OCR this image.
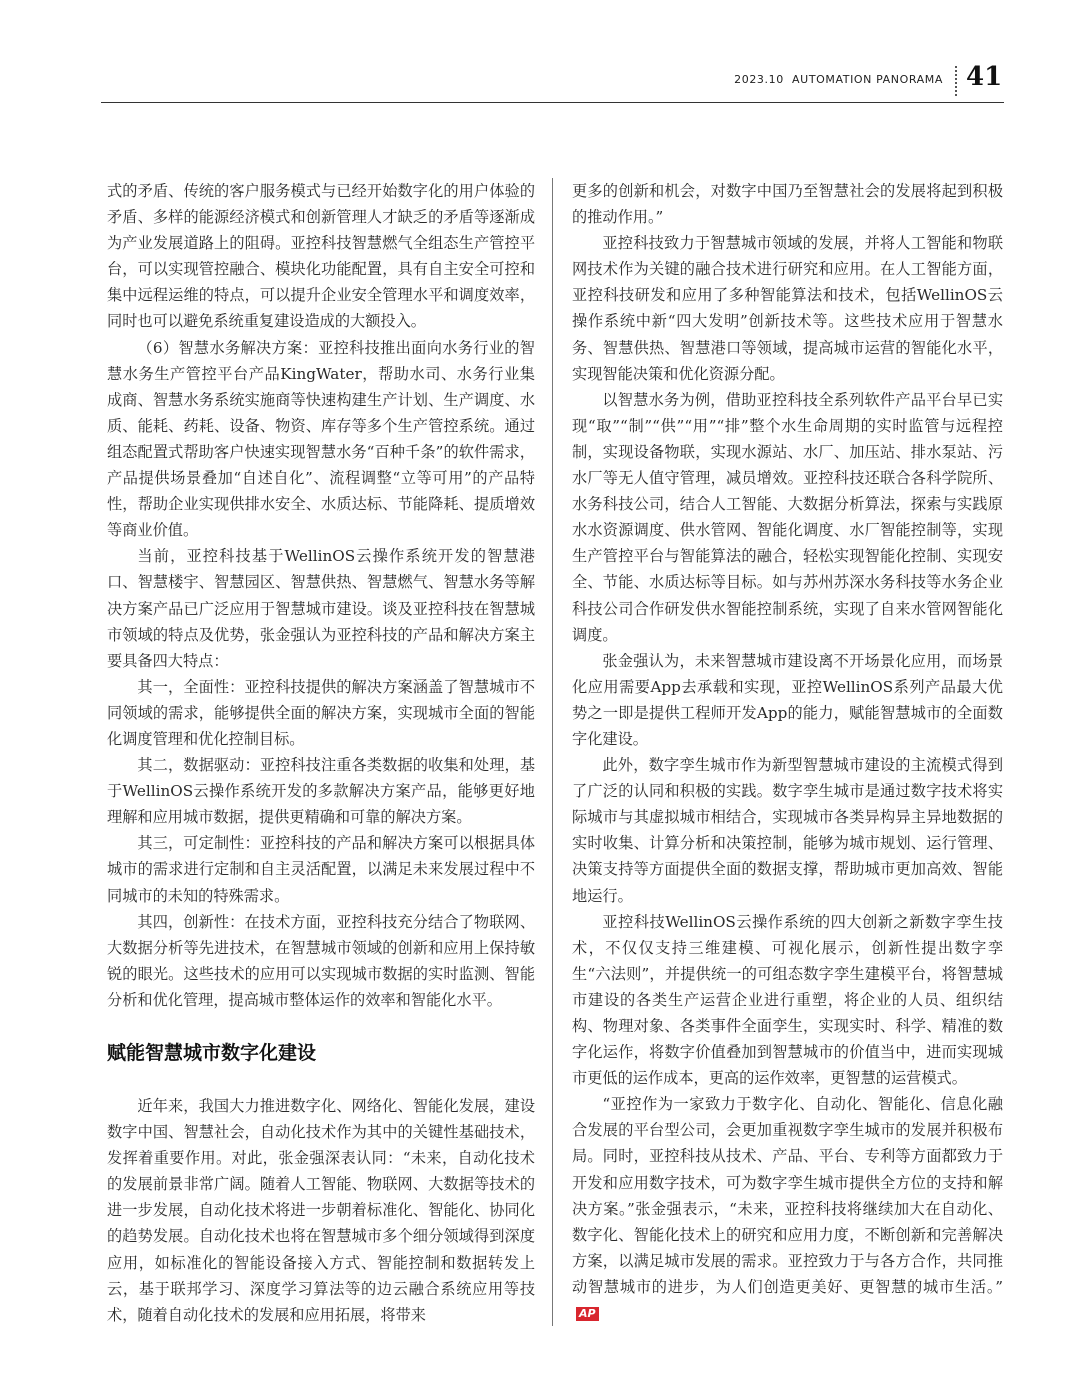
2023.10 AUTOMATION PANORAMA 41

式的矛盾、传统的客户服务模式与已经开始数字化的用户体验的矛盾、多样的能源经济模式和创新管理人才缺乏的矛盾等逐渐成为产业发展道路上的阻碍。亚控科技智慧燃气全组态生产管控平台，可以实现管控融合、模块化功能配置，具有自主安全可控和集中远程运维的特点，可以提升企业安全管理水平和调度效率，同时也可以避免系统重复建设造成的大额投入。

（6）智慧水务解决方案：亚控科技推出面向水务行业的智慧水务生产管控平台产品KingWater，帮助水司、水务行业集成商、智慧水务系统实施商等快速构建生产计划、生产调度、水质、能耗、药耗、设备、物资、库存等多个生产管控系统。通过组态配置式帮助客户快速实现智慧水务“百种千条”的软件需求，产品提供场景叠加“自述自化”、流程调整“立等可用”的产品特性，帮助企业实现供排水安全、水质达标、节能降耗、提质增效等商业价值。

当前，亚控科技基于WellinOS云操作系统开发的智慧港口、智慧楼宇、智慧园区、智慧供热、智慧燃气、智慧水务等解决方案产品已广泛应用于智慧城市建设。谈及亚控科技在智慧城市领域的特点及优势，张金强认为亚控科技的产品和解决方案主要具备四大特点：

其一，全面性：亚控科技提供的解决方案涵盖了智慧城市不同领域的需求，能够提供全面的解决方案，实现城市全面的智能化调度管理和优化控制目标。

其二，数据驱动：亚控科技注重各类数据的收集和处理，基于WellinOS云操作系统开发的多款解决方案产品，能够更好地理解和应用城市数据，提供更精确和可靠的解决方案。

其三，可定制性：亚控科技的产品和解决方案可以根据具体城市的需求进行定制和自主灵活配置，以满足未来发展过程中不同城市的未知的特殊需求。

其四，创新性：在技术方面，亚控科技充分结合了物联网、大数据分析等先进技术，在智慧城市领域的创新和应用上保持敏锐的眼光。这些技术的应用可以实现城市数据的实时监测、智能分析和优化管理，提高城市整体运作的效率和智能化水平。

赋能智慧城市数字化建设

近年来，我国大力推进数字化、网络化、智能化发展，建设数字中国、智慧社会，自动化技术作为其中的关键性基础技术，发挥着重要作用。对此，张金强深表认同：“未来，自动化技术的发展前景非常广阔。随着人工智能、物联网、大数据等技术的进一步发展，自动化技术将进一步朝着标准化、智能化、协同化的趋势发展。自动化技术也将在智慧城市多个细分领域得到深度应用，如标准化的智能设备接入方式、智能控制和数据转发上云，基于联邦学习、深度学习算法等的边云融合系统应用等技术，随着自动化技术的发展和应用拓展，将带来

更多的创新和机会，对数字中国乃至智慧社会的发展将起到积极的推动作用。”

亚控科技致力于智慧城市领域的发展，并将人工智能和物联网技术作为关键的融合技术进行研究和应用。在人工智能方面，亚控科技研发和应用了多种智能算法和技术，包括WellinOS云操作系统中新“四大发明”创新技术等。这些技术应用于智慧水务、智慧供热、智慧港口等领域，提高城市运营的智能化水平，实现智能决策和优化资源分配。

以智慧水务为例，借助亚控科技全系列软件产品平台早已实现“取”“制”“供”“用”“排”整个水生命周期的实时监管与远程控制，实现设备物联，实现水源站、水厂、加压站、排水泵站、污水厂等无人值守管理，减员增效。亚控科技还联合各科学院所、水务科技公司，结合人工智能、大数据分析算法，探索与实践原水水资源调度、供水管网、智能化调度、水厂智能控制等，实现生产管控平台与智能算法的融合，轻松实现智能化控制、实现安全、节能、水质达标等目标。如与苏州苏深水务科技等水务企业科技公司合作研发供水智能控制系统，实现了自来水管网智能化调度。

张金强认为，未来智慧城市建设离不开场景化应用，而场景化应用需要App去承载和实现，亚控WellinOS系列产品最大优势之一即是提供工程师开发App的能力，赋能智慧城市的全面数字化建设。

此外，数字孪生城市作为新型智慧城市建设的主流模式得到了广泛的认同和积极的实践。数字孪生城市是通过数字技术将实际城市与其虚拟城市相结合，实现城市各类异构异主异地数据的实时收集、计算分析和决策控制，能够为城市规划、运行管理、决策支持等方面提供全面的数据支撑，帮助城市更加高效、智能地运行。

亚控科技WellinOS云操作系统的四大创新之新数字孪生技术，不仅仅支持三维建模、可视化展示，创新性提出数字孪生“六法则”，并提供统一的可组态数字孪生建模平台，将智慧城市建设的各类生产运营企业进行重塑，将企业的人员、组织结构、物理对象、各类事件全面孪生，实现实时、科学、精准的数字化运作，将数字价值叠加到智慧城市的价值当中，进而实现城市更低的运作成本，更高的运作效率，更智慧的运营模式。

“亚控作为一家致力于数字化、自动化、智能化、信息化融合发展的平台型公司，会更加重视数字孪生城市的发展并积极布局。同时，亚控科技从技术、产品、平台、专利等方面都致力于开发和应用数字技术，可为数字孪生城市提供全方位的支持和解决方案。”张金强表示，“未来，亚控科技将继续加大在自动化、数字化、智能化技术上的研究和应用力度，不断创新和完善解决方案，以满足城市发展的需求。亚控致力于与各方合作，共同推动智慧城市的进步，为人们创造更美好、更智慧的城市生活。”AP
